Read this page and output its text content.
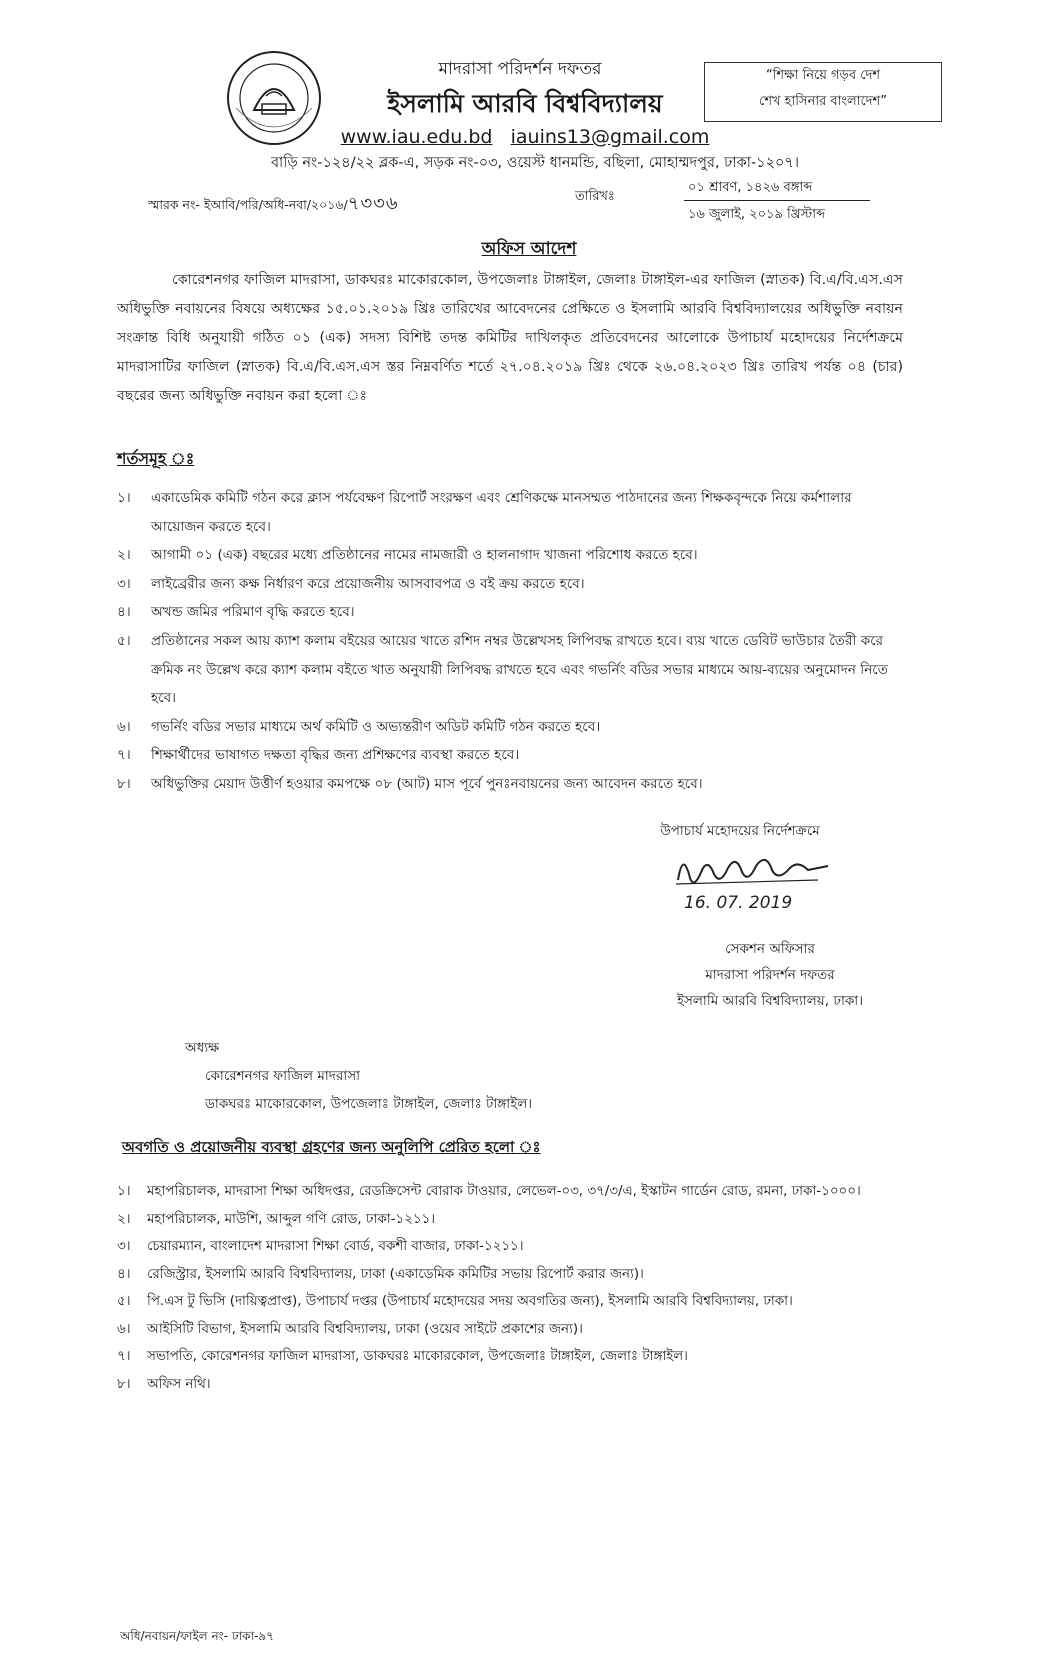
মাদরাসা পরিদর্শন দফতর
ইসলামি আরবি বিশ্ববিদ্যালয়
www.iau.edu.bd iauins13@gmail.com
বাড়ি নং-১২৪/২২ ব্লক-এ, সড়ক নং-০৩, ওয়েস্ট ধানমন্ডি, বছিলা, মোহাম্মদপুর, ঢাকা-১২০৭।
“শিক্ষা নিয়ে গড়ব দেশ
শেখ হাসিনার বাংলাদেশ”
স্মারক নং- ইআবি/পরি/অধি-নবা/২০১৬/৭৩৩৬	তারিখঃ
০১ শ্রাবণ, ১৪২৬ বঙ্গাব্দ
১৬ জুলাই, ২০১৯ খ্রিস্টাব্দ
অফিস আদেশ
কোরেশনগর ফাজিল মাদরাসা, ডাকঘরঃ মাকোরকোল, উপজেলাঃ টাঙ্গাইল, জেলাঃ টাঙ্গাইল-এর ফাজিল (স্নাতক) বি.এ/বি.এস.এস অধিভুক্তি নবায়নের বিষয়ে অধ্যক্ষের ১৫.০১.২০১৯ খ্রিঃ তারিখের আবেদনের প্রেক্ষিতে ও ইসলামি আরবি বিশ্ববিদ্যালয়ের অধিভুক্তি নবায়ন সংক্রান্ত বিধি অনুযায়ী গঠিত ০১ (এক) সদস্য বিশিষ্ট তদন্ত কমিটির দাখিলকৃত প্রতিবেদনের আলোকে উপাচার্য মহোদয়ের নির্দেশক্রমে মাদরাসাটির ফাজিল (স্নাতক) বি.এ/বি.এস.এস স্তর নিম্নবর্ণিত শর্তে ২৭.০৪.২০১৯ খ্রিঃ থেকে ২৬.০৪.২০২৩ খ্রিঃ তারিখ পর্যন্ত ০৪ (চার) বছরের জন্য অধিভুক্তি নবায়ন করা হলো ঃ
শর্তসমূহ ঃ
১।	একাডেমিক কমিটি গঠন করে ক্লাস পর্যবেক্ষণ রিপোর্ট সংরক্ষণ এবং শ্রেণিকক্ষে মানসম্মত পাঠদানের জন্য শিক্ষকবৃন্দকে নিয়ে কর্মশালার আয়োজন করতে হবে।
২।	আগামী ০১ (এক) বছরের মধ্যে প্রতিষ্ঠানের নামের নামজারী ও হালনাগাদ খাজনা পরিশোধ করতে হবে।
৩।	লাইব্রেরীর জন্য কক্ষ নির্ধারণ করে প্রয়োজনীয় আসবাবপত্র ও বই ক্রয় করতে হবে।
৪।	অখন্ড জমির পরিমাণ বৃদ্ধি করতে হবে।
৫।	প্রতিষ্ঠানের সকল আয় ক্যাশ কলাম বইয়ের আয়ের খাতে রশিদ নম্বর উল্লেখসহ লিপিবদ্ধ রাখতে হবে। ব্যয় খাতে ডেবিট ভাউচার তৈরী করে ক্রমিক নং উল্লেখ করে ক্যাশ কলাম বইতে খাত অনুযায়ী লিপিবদ্ধ রাখতে হবে এবং গভর্নিং বডির সভার মাধ্যমে আয়-ব্যয়ের অনুমোদন নিতে হবে।
৬।	গভর্নিং বডির সভার মাধ্যমে অর্থ কমিটি ও অভ্যন্তরীণ অডিট কমিটি গঠন করতে হবে।
৭।	শিক্ষার্থীদের ভাষাগত দক্ষতা বৃদ্ধির জন্য প্রশিক্ষণের ব্যবস্থা করতে হবে।
৮।	অধিভুক্তির মেয়াদ উত্তীর্ণ হওয়ার কমপক্ষে ০৮ (আট) মাস পূর্বে পুনঃনবায়নের জন্য আবেদন করতে হবে।
উপাচার্য মহোদয়ের নির্দেশক্রমে
16. 07. 2019
সেকশন অফিসার
মাদরাসা পরিদর্শন দফতর
ইসলামি আরবি বিশ্ববিদ্যালয়, ঢাকা।
অধ্যক্ষ
কোরেশনগর ফাজিল মাদরাসা
ডাকঘরঃ মাকোরকোল, উপজেলাঃ টাঙ্গাইল, জেলাঃ টাঙ্গাইল।
অবগতি ও প্রয়োজনীয় ব্যবস্থা গ্রহণের জন্য অনুলিপি প্রেরিত হলো ঃ
১।	মহাপরিচালক, মাদরাসা শিক্ষা অধিদপ্তর, রেডক্রিসেন্ট বোরাক টাওয়ার, লেভেল-০৩, ৩৭/৩/এ, ইস্কাটন গার্ডেন রোড, রমনা, ঢাকা-১০০০।
২।	মহাপরিচালক, মাউশি, আব্দুল গণি রোড, ঢাকা-১২১১।
৩।	চেয়ারম্যান, বাংলাদেশ মাদরাসা শিক্ষা বোর্ড, বকশী বাজার, ঢাকা-১২১১।
৪।	রেজিস্ট্রার, ইসলামি আরবি বিশ্ববিদ্যালয়, ঢাকা (একাডেমিক কমিটির সভায় রিপোর্ট করার জন্য)।
৫।	পি.এস টু ভিসি (দায়িত্বপ্রাপ্ত), উপাচার্য দপ্তর (উপাচার্য মহোদয়ের সদয় অবগতির জন্য), ইসলামি আরবি বিশ্ববিদ্যালয়, ঢাকা।
৬।	আইসিটি বিভাগ, ইসলামি আরবি বিশ্ববিদ্যালয়, ঢাকা (ওয়েব সাইটে প্রকাশের জন্য)।
৭।	সভাপতি, কোরেশনগর ফাজিল মাদরাসা, ডাকঘরঃ মাকোরকোল, উপজেলাঃ টাঙ্গাইল, জেলাঃ টাঙ্গাইল।
৮।	অফিস নথি।
অধি/নবায়ন/ফাইল নং- ঢাকা-৯৭
